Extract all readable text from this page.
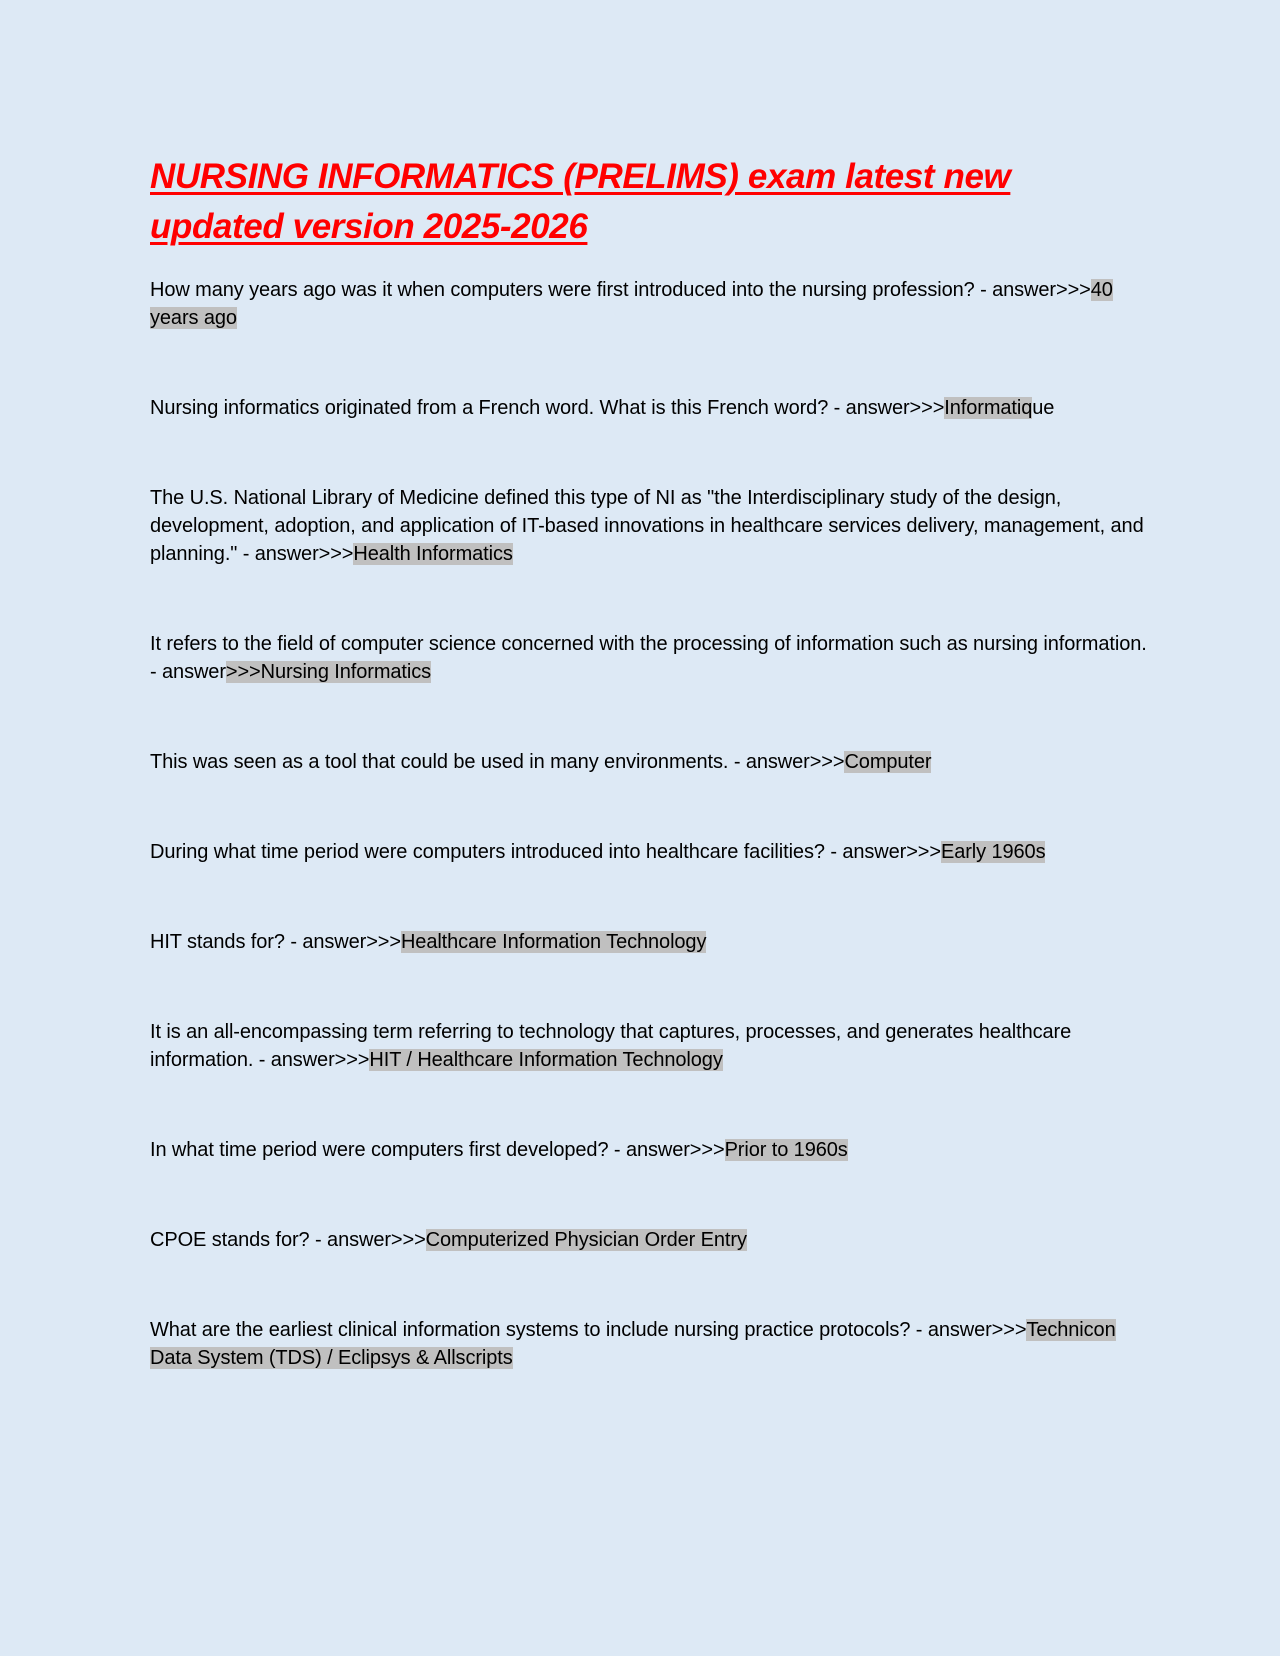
NURSING INFORMATICS (PRELIMS) exam latest new updated version 2025-2026

How many years ago was it when computers were first introduced into the nursing profession? - answer>>>40 years ago

Nursing informatics originated from a French word. What is this French word? - answer>>>Informatique

The U.S. National Library of Medicine defined this type of NI as "the Interdisciplinary study of the design, development, adoption, and application of IT-based innovations in healthcare services delivery, management, and planning." - answer>>>Health Informatics

It refers to the field of computer science concerned with the processing of information such as nursing information. - answer>>>Nursing Informatics

This was seen as a tool that could be used in many environments. - answer>>>Computer

During what time period were computers introduced into healthcare facilities? - answer>>>Early 1960s

HIT stands for? - answer>>>Healthcare Information Technology

It is an all-encompassing term referring to technology that captures, processes, and generates healthcare information. - answer>>>HIT / Healthcare Information Technology

In what time period were computers first developed? - answer>>>Prior to 1960s

CPOE stands for? - answer>>>Computerized Physician Order Entry

What are the earliest clinical information systems to include nursing practice protocols? - answer>>>Technicon Data System (TDS) / Eclipsys & Allscripts
